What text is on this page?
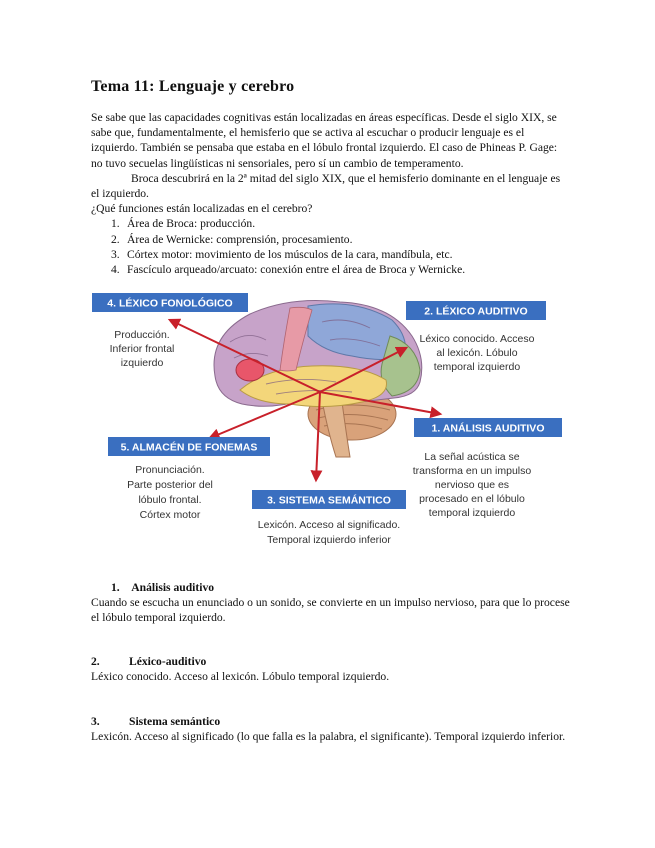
Tema 11: Lenguaje y cerebro

Se sabe que las capacidades cognitivas están localizadas en áreas específicas. Desde el siglo XIX, se sabe que, fundamentalmente, el hemisferio que se activa al escuchar o producir lenguaje es el izquierdo. También se pensaba que estaba en el lóbulo frontal izquierdo. El caso de Phineas P. Gage: no tuvo secuelas lingüísticas ni sensoriales, pero sí un cambio de temperamento.

Broca descubrirá en la 2ª mitad del siglo XIX, que el hemisferio dominante en el lenguaje es el izquierdo.

¿Qué funciones están localizadas en el cerebro?

1. Área de Broca: producción.
2. Área de Wernicke: comprensión, procesamiento.
3. Córtex motor: movimiento de los músculos de la cara, mandíbula, etc.
4. Fascículo arqueado/arcuato: conexión entre el área de Broca y Wernicke.
4. LÉXICO FONOLÓGICO
Producción.
Inferior frontal
izquierdo
2. LÉXICO AUDITIVO
Léxico conocido. Acceso
al lexicón. Lóbulo
temporal izquierdo
5. ALMACÉN DE FONEMAS
Pronunciación.
Parte posterior del
lóbulo frontal.
Córtex motor
1. ANÁLISIS AUDITIVO
La señal acústica se
transforma en un impulso
nervioso que es
procesado en el lóbulo
temporal izquierdo
3. SISTEMA SEMÁNTICO
Lexicón. Acceso al significado.
Temporal izquierdo inferior
1. Análisis auditivo

Cuando se escucha un enunciado o un sonido, se convierte en un impulso nervioso, para que lo procese el lóbulo temporal izquierdo.

2.	Léxico-auditivo

Léxico conocido. Acceso al lexicón. Lóbulo temporal izquierdo.

3.	Sistema semántico

Lexicón. Acceso al significado (lo que falla es la palabra, el significante). Temporal izquierdo inferior.
